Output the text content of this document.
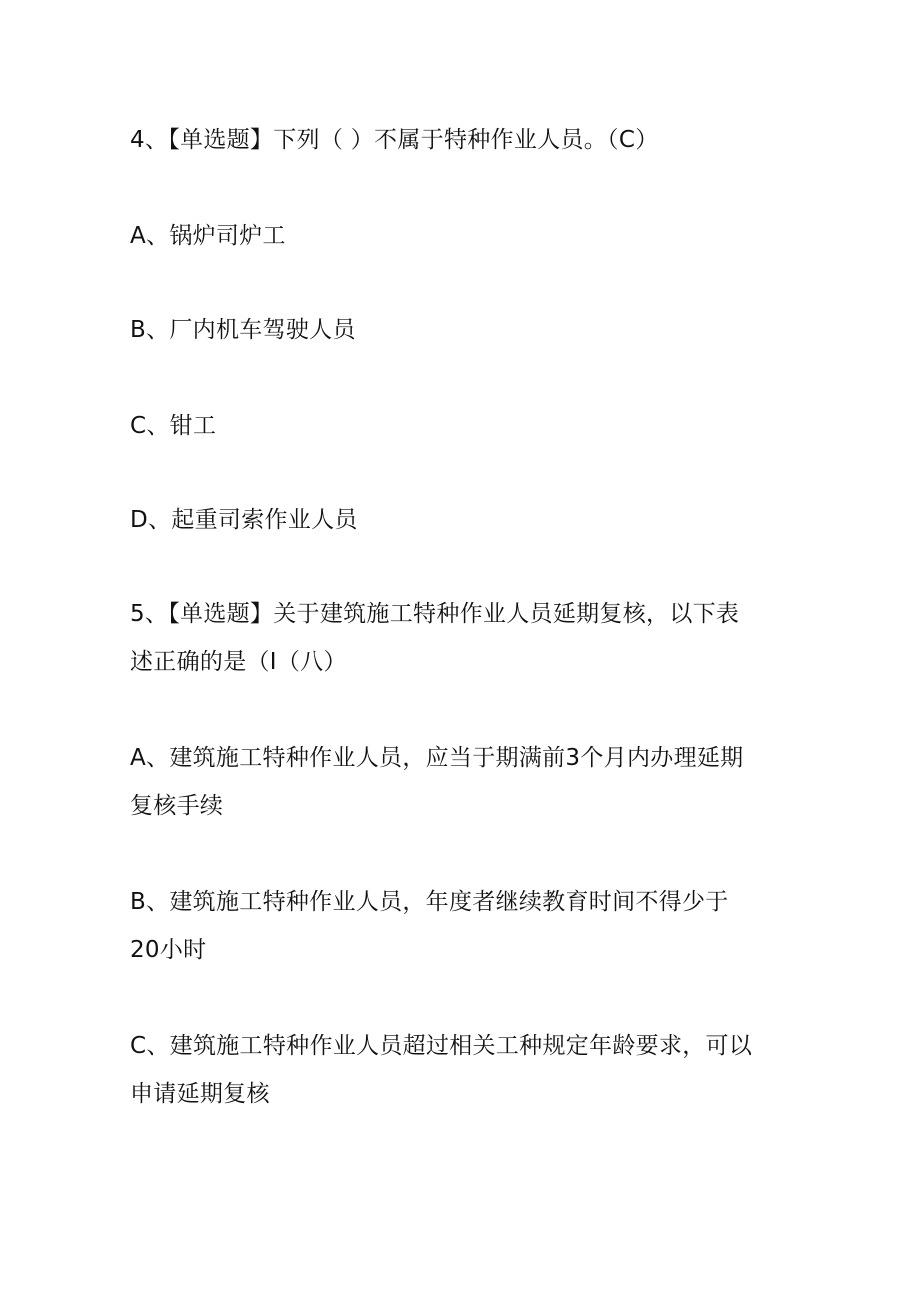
4、【单选题】下列（ ）不属于特种作业人员。（C）
A、锅炉司炉工
B、厂内机车驾驶人员
C、钳工
D、起重司索作业人员
5、【单选题】关于建筑施工特种作业人员延期复核，以下表
述正确的是（I（八）
A、建筑施工特种作业人员，应当于期满前3个月内办理延期
复核手续
B、建筑施工特种作业人员，年度者继续教育时间不得少于
20小时
C、建筑施工特种作业人员超过相关工种规定年龄要求，可以
申请延期复核
